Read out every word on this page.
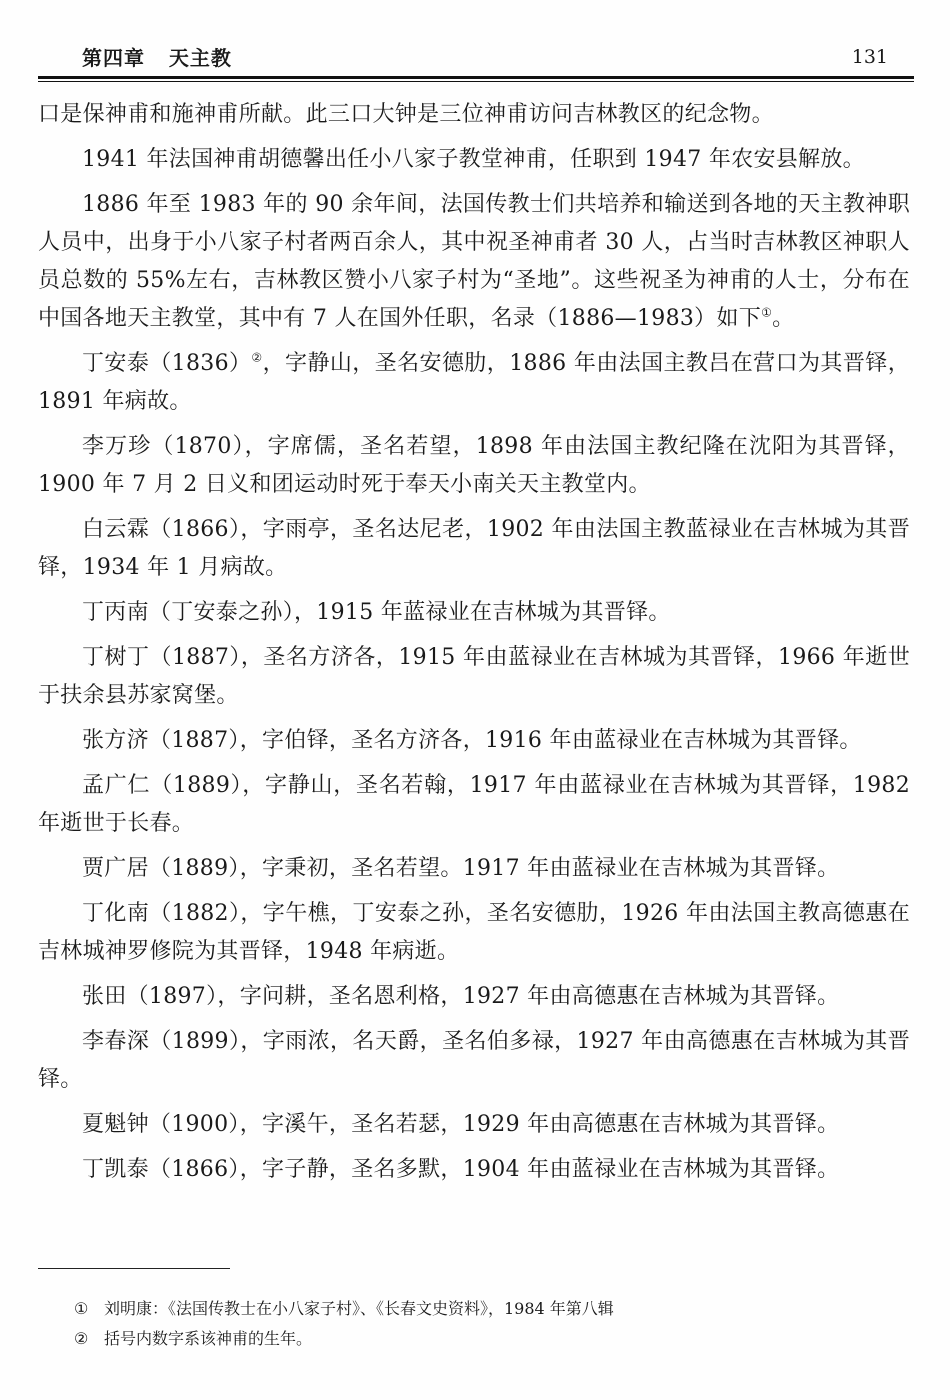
第四章   天主教	131

口是保神甫和施神甫所献。此三口大钟是三位神甫访问吉林教区的纪念物。

1941 年法国神甫胡德馨出任小八家子教堂神甫，任职到 1947 年农安县解放。

1886 年至 1983 年的 90 余年间，法国传教士们共培养和输送到各地的天主教神职人员中，出身于小八家子村者两百余人，其中祝圣神甫者 30 人，占当时吉林教区神职人员总数的 55%左右，吉林教区赞小八家子村为“圣地”。这些祝圣为神甫的人士，分布在中国各地天主教堂，其中有 7 人在国外任职，名录（1886—1983）如下①。

丁安泰（1836）②，字静山，圣名安德肋，1886 年由法国主教吕在营口为其晋铎，1891 年病故。

李万珍（1870），字席儒，圣名若望，1898 年由法国主教纪隆在沈阳为其晋铎，1900 年 7 月 2 日义和团运动时死于奉天小南关天主教堂内。

白云霖（1866），字雨亭，圣名达尼老，1902 年由法国主教蓝禄业在吉林城为其晋铎，1934 年 1 月病故。

丁丙南（丁安泰之孙），1915 年蓝禄业在吉林城为其晋铎。

丁树丁（1887），圣名方济各，1915 年由蓝禄业在吉林城为其晋铎，1966 年逝世于扶余县苏家窝堡。

张方济（1887），字伯铎，圣名方济各，1916 年由蓝禄业在吉林城为其晋铎。

孟广仁（1889），字静山，圣名若翰，1917 年由蓝禄业在吉林城为其晋铎，1982 年逝世于长春。

贾广居（1889），字秉初，圣名若望。1917 年由蓝禄业在吉林城为其晋铎。

丁化南（1882），字午樵，丁安泰之孙，圣名安德肋，1926 年由法国主教高德惠在吉林城神罗修院为其晋铎，1948 年病逝。

张田（1897），字问耕，圣名恩利格，1927 年由高德惠在吉林城为其晋铎。

李春深（1899），字雨浓，名天爵，圣名伯多禄，1927 年由高德惠在吉林城为其晋铎。

夏魁钟（1900），字溪午，圣名若瑟，1929 年由高德惠在吉林城为其晋铎。

丁凯泰（1866），字子静，圣名多默，1904 年由蓝禄业在吉林城为其晋铎。

① 刘明康：《法国传教士在小八家子村》、《长春文史资料》，1984 年第八辑
② 括号内数字系该神甫的生年。
